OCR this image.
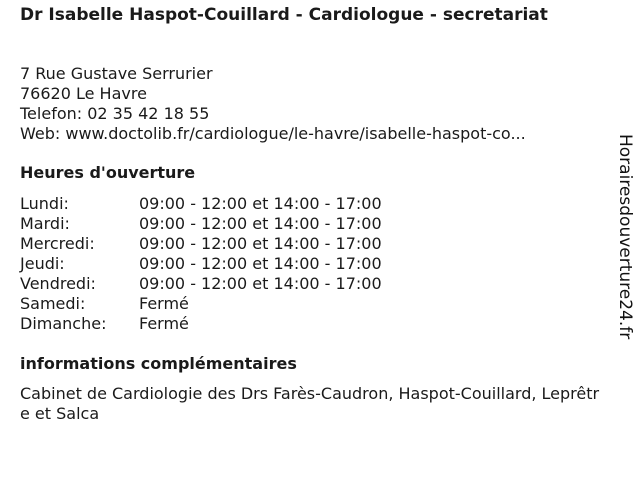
Dr Isabelle Haspot-Couillard - Cardiologue - secretariat
7 Rue Gustave Serrurier
76620 Le Havre
Telefon: 02 35 42 18 55
Web: www.doctolib.fr/cardiologue/le-havre/isabelle-haspot-co...
Heures d'ouverture
Lundi:	09:00 - 12:00 et 14:00 - 17:00
Mardi:	09:00 - 12:00 et 14:00 - 17:00
Mercredi:	09:00 - 12:00 et 14:00 - 17:00
Jeudi:	09:00 - 12:00 et 14:00 - 17:00
Vendredi:	09:00 - 12:00 et 14:00 - 17:00
Samedi:	Fermé
Dimanche: Fermé
informations complémentaires
Cabinet de Cardiologie des Drs Farès-Caudron, Haspot-Couillard, Leprêtre et Salca
Horairesdouverture24.fr
